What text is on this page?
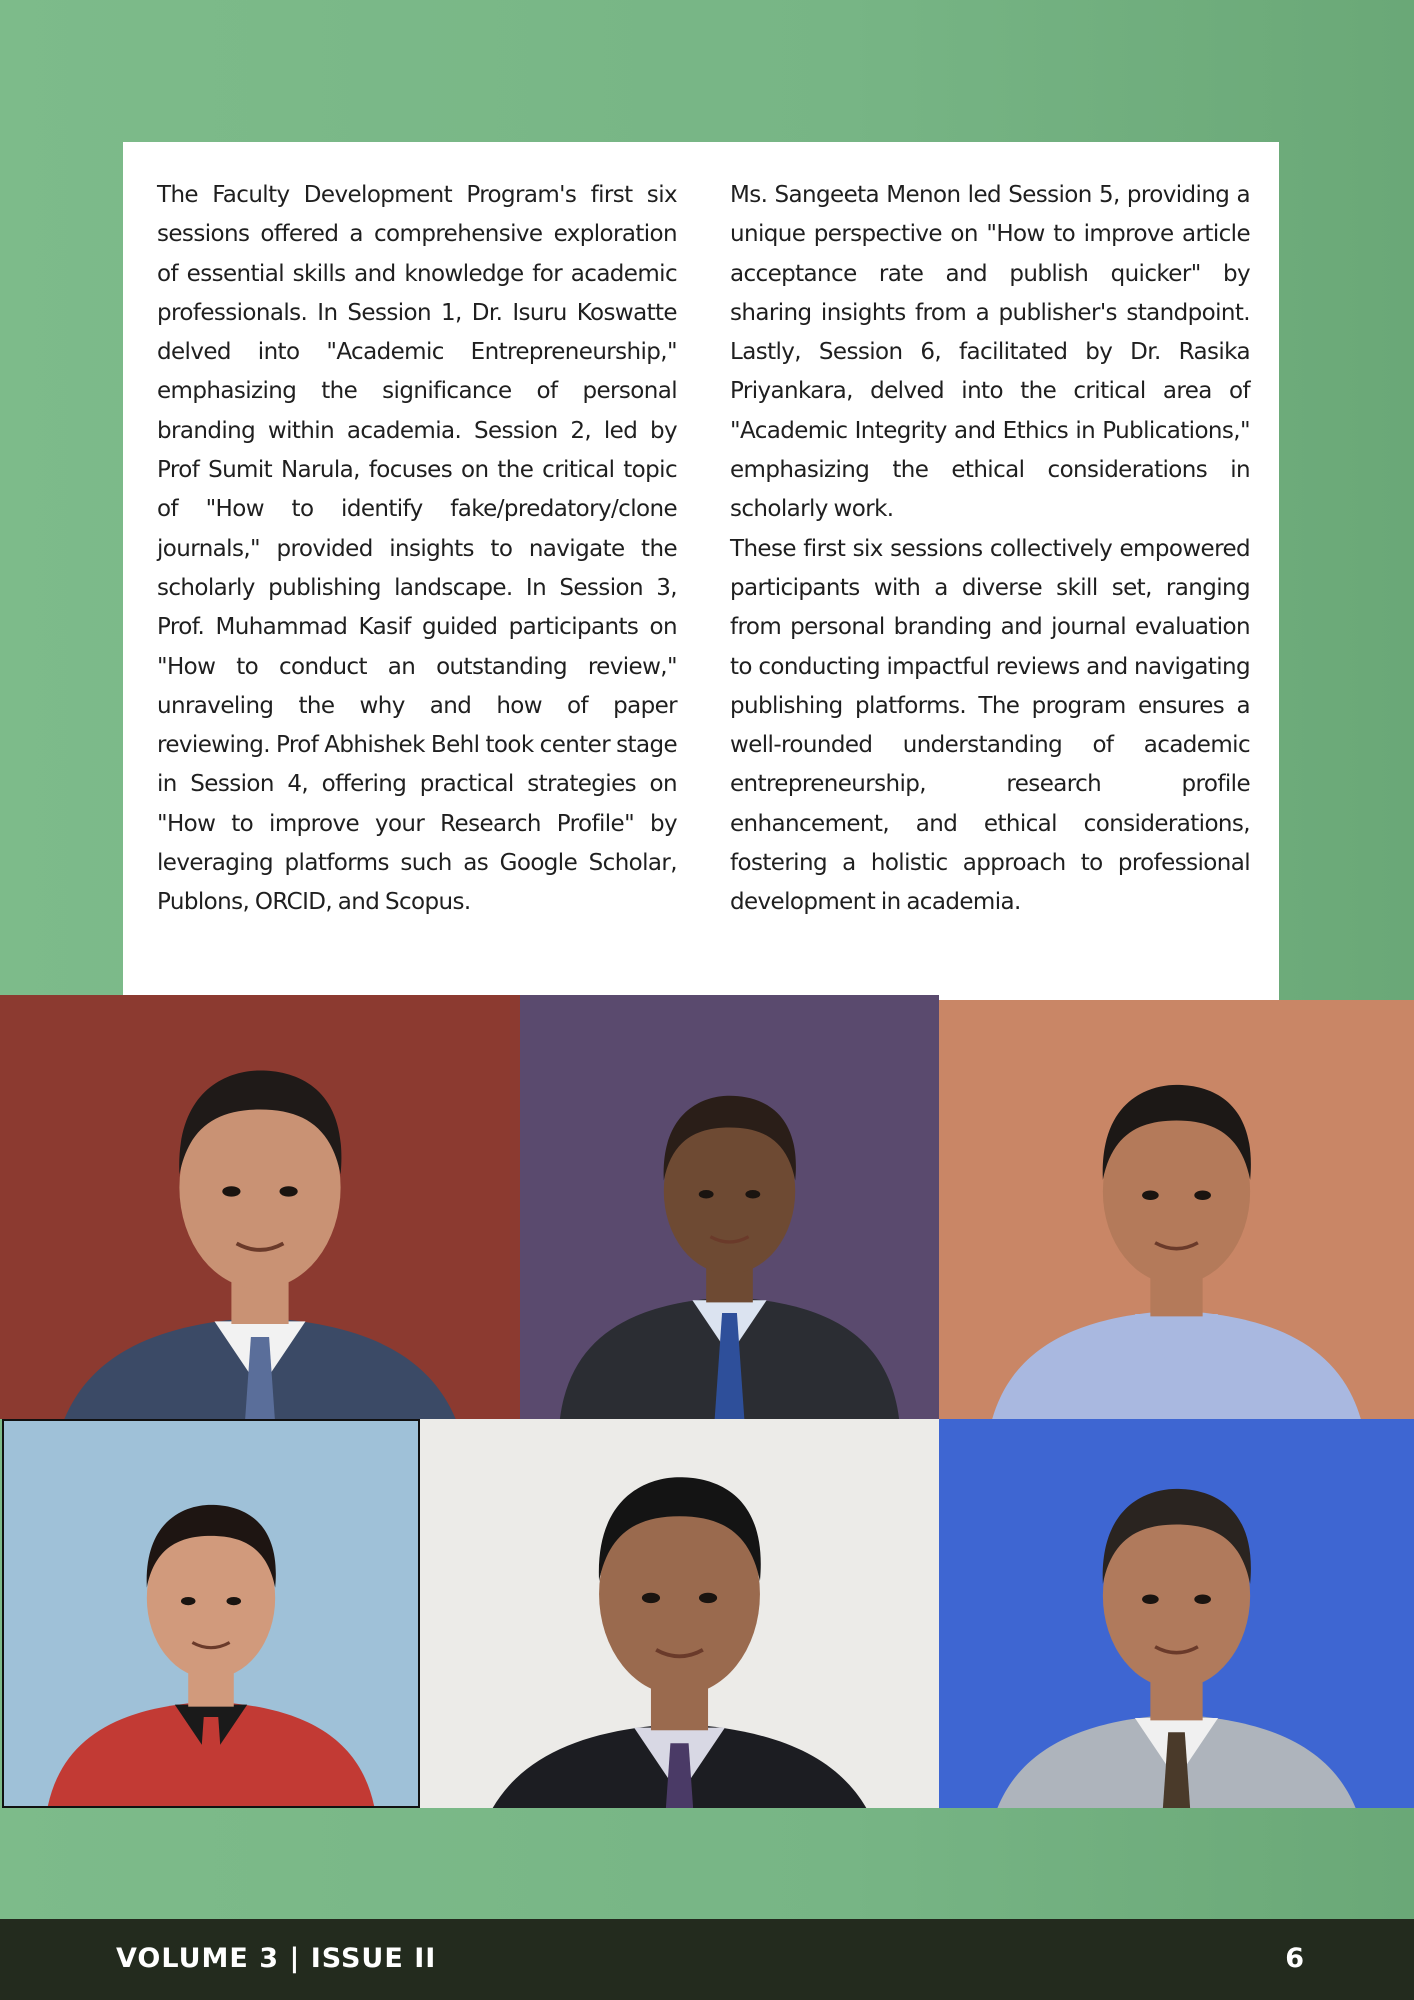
The Faculty Development Program's first six sessions offered a comprehensive exploration of essential skills and knowledge for academic professionals. In Session 1, Dr. Isuru Koswatte delved into "Academic Entrepreneurship," emphasizing the significance of personal branding within academia. Session 2, led by Prof Sumit Narula, focuses on the critical topic of "How to identify fake/predatory/clone journals," provided insights to navigate the scholarly publishing landscape. In Session 3, Prof. Muhammad Kasif guided participants on "How to conduct an outstanding review," unraveling the why and how of paper reviewing. Prof Abhishek Behl took center stage in Session 4, offering practical strategies on "How to improve your Research Profile" by leveraging platforms such as Google Scholar, Publons, ORCID, and Scopus.

Ms. Sangeeta Menon led Session 5, providing a unique perspective on "How to improve article acceptance rate and publish quicker" by sharing insights from a publisher's standpoint. Lastly, Session 6, facilitated by Dr. Rasika Priyankara, delved into the critical area of "Academic Integrity and Ethics in Publications," emphasizing the ethical considerations in scholarly work.

These first six sessions collectively empowered participants with a diverse skill set, ranging from personal branding and journal evaluation to conducting impactful reviews and navigating publishing platforms. The program ensures a well-rounded understanding of academic entrepreneurship, research profile enhancement, and ethical considerations, fostering a holistic approach to professional development in academia.

VOLUME 3 | ISSUE II	6
